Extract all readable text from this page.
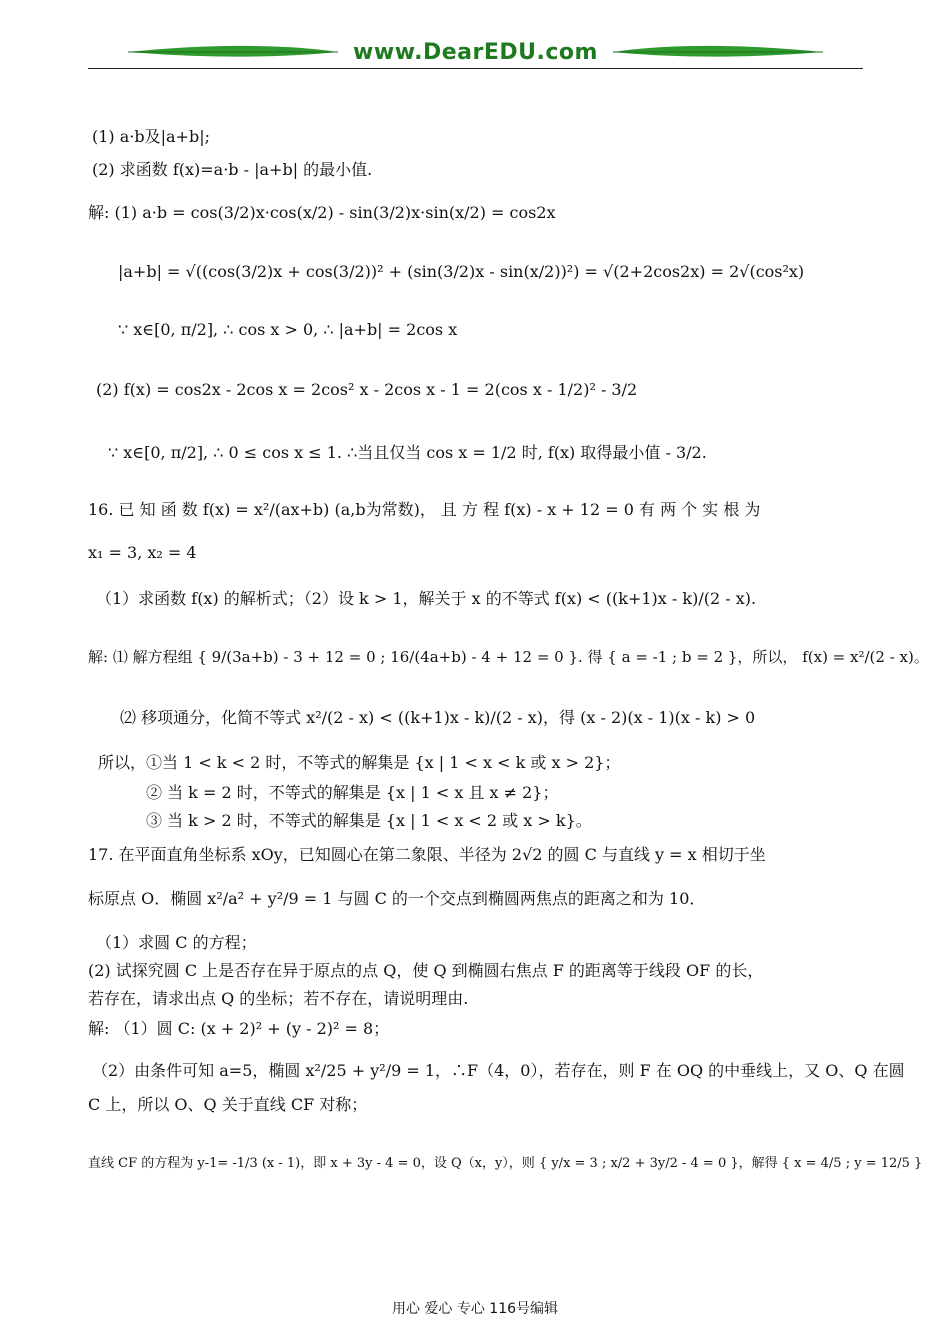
www.DearEDU.com
(1) a·b及|a+b|;
(2) 求函数 f(x)=a·b - |a+b| 的最小值.
解: (1) a·b = cos(3/2)x·cos(x/2) - sin(3/2)x·sin(x/2) = cos2x
|a+b| = √((cos(3/2)x + cos(3/2))² + (sin(3/2)x - sin(x/2))²) = √(2+2cos2x) = 2√(cos²x)
∵ x∈[0, π/2], ∴ cos x > 0, ∴ |a+b| = 2cos x
(2) f(x) = cos2x - 2cos x = 2cos² x - 2cos x - 1 = 2(cos x - 1/2)² - 3/2
∵ x∈[0, π/2], ∴ 0 ≤ cos x ≤ 1. ∴当且仅当 cos x = 1/2 时, f(x) 取得最小值 - 3/2.
16. 已 知 函 数 f(x) = x²/(ax+b) (a,b为常数)， 且 方 程 f(x) - x + 12 = 0 有 两 个 实 根 为
x₁ = 3, x₂ = 4
（1）求函数 f(x) 的解析式；（2）设 k > 1，解关于 x 的不等式 f(x) < ((k+1)x - k)/(2 - x).
解: ⑴ 解方程组 { 9/(3a+b) - 3 + 12 = 0 ; 16/(4a+b) - 4 + 12 = 0 }. 得 { a = -1 ; b = 2 }，所以， f(x) = x²/(2 - x)。
⑵ 移项通分，化简不等式 x²/(2 - x) < ((k+1)x - k)/(2 - x)，得 (x - 2)(x - 1)(x - k) > 0
所以，①当 1 < k < 2 时，不等式的解集是 {x | 1 < x < k 或 x > 2}；
② 当 k = 2 时，不等式的解集是 {x | 1 < x 且 x ≠ 2}；
③ 当 k > 2 时，不等式的解集是 {x | 1 < x < 2 或 x > k}。
17. 在平面直角坐标系 xOy，已知圆心在第二象限、半径为 2√2 的圆 C 与直线 y = x 相切于坐
标原点 O．椭圆 x²/a² + y²/9 = 1 与圆 C 的一个交点到椭圆两焦点的距离之和为 10．
（1）求圆 C 的方程；
(2) 试探究圆 C 上是否存在异于原点的点 Q，使 Q 到椭圆右焦点 F 的距离等于线段 OF 的长，
若存在，请求出点 Q 的坐标；若不存在，请说明理由.
解: （1）圆 C: (x + 2)² + (y - 2)² = 8；
（2）由条件可知 a=5，椭圆 x²/25 + y²/9 = 1，∴F（4，0），若存在，则 F 在 OQ 的中垂线上，又 O、Q 在圆
C 上，所以 O、Q 关于直线 CF 对称；
直线 CF 的方程为 y-1= -1/3 (x - 1)，即 x + 3y - 4 = 0，设 Q（x，y），则 { y/x = 3 ; x/2 + 3y/2 - 4 = 0 }，解得 { x = 4/5 ; y = 12/5 }
用心 爱心 专心 116号编辑
